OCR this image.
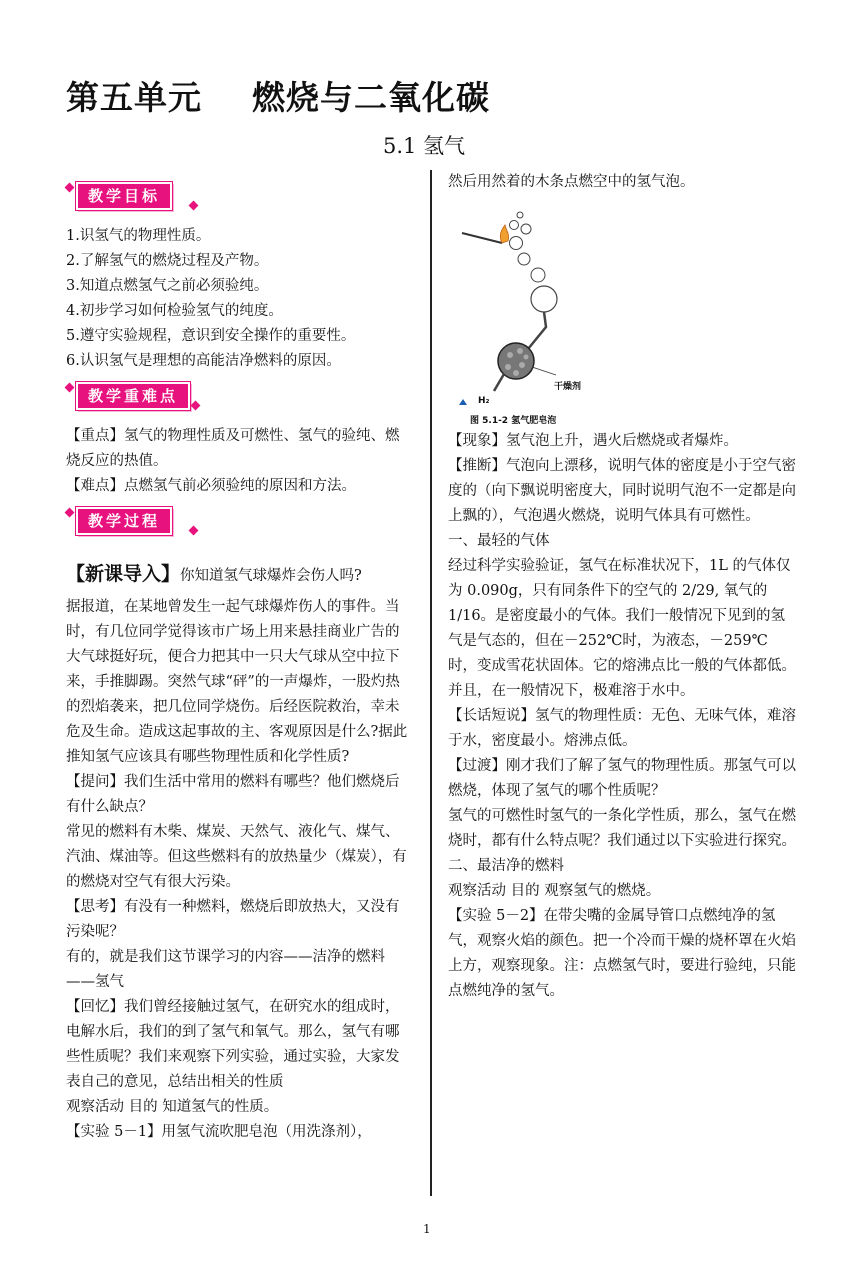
第五单元    燃烧与二氧化碳
5.1 氢气
教学目标

1.识氢气的物理性质。

2.了解氢气的燃烧过程及产物。

3.知道点燃氢气之前必须验纯。

4.初步学习如何检验氢气的纯度。

5.遵守实验规程，意识到安全操作的重要性。

6.认识氢气是理想的高能洁净燃料的原因。

教学重难点

【重点】氢气的物理性质及可燃性、氢气的验纯、燃烧反应的热值。

【难点】点燃氢气前必须验纯的原因和方法。

教学过程

【新课导入】你知道氢气球爆炸会伤人吗?

据报道，在某地曾发生一起气球爆炸伤人的事件。当时，有几位同学觉得该市广场上用来悬挂商业广告的大气球挺好玩，便合力把其中一只大气球从空中拉下来，手推脚踢。突然气球“砰”的一声爆炸，一股灼热的烈焰袭来，把几位同学烧伤。后经医院救治，幸未危及生命。造成这起事故的主、客观原因是什么?据此推知氢气应该具有哪些物理性质和化学性质?

【提问】我们生活中常用的燃料有哪些？他们燃烧后有什么缺点？

常见的燃料有木柴、煤炭、天然气、液化气、煤气、汽油、煤油等。但这些燃料有的放热量少（煤炭），有的燃烧对空气有很大污染。

【思考】有没有一种燃料，燃烧后即放热大，又没有污染呢？

有的，就是我们这节课学习的内容——洁净的燃料——氢气

【回忆】我们曾经接触过氢气，在研究水的组成时，电解水后，我们的到了氢气和氧气。那么，氢气有哪些性质呢？我们来观察下列实验，通过实验，大家发表自己的意见，总结出相关的性质

观察活动 目的 知道氢气的性质。

【实验 5－1】用氢气流吹肥皂泡（用洗涤剂），

然后用然着的木条点燃空中的氢气泡。

H₂
干燥剂
图 5.1-2 氢气肥皂泡

【现象】氢气泡上升，遇火后燃烧或者爆炸。

【推断】气泡向上漂移，说明气体的密度是小于空气密度的（向下飘说明密度大，同时说明气泡不一定都是向上飘的），气泡遇火燃烧，说明气体具有可燃性。

一、最轻的气体

经过科学实验验证，氢气在标准状况下，1L 的气体仅为 0.090g，只有同条件下的空气的 2/29, 氧气的 1/16。是密度最小的气体。我们一般情况下见到的氢气是气态的，但在－252℃时，为液态，－259℃时，变成雪花状固体。它的熔沸点比一般的气体都低。并且，在一般情况下，极难溶于水中。

【长话短说】氢气的物理性质：无色、无味气体，难溶于水，密度最小。熔沸点低。

【过渡】刚才我们了解了氢气的物理性质。那氢气可以燃烧，体现了氢气的哪个性质呢？

氢气的可燃性时氢气的一条化学性质，那么，氢气在燃烧时，都有什么特点呢？我们通过以下实验进行探究。

二、最洁净的燃料

观察活动 目的 观察氢气的燃烧。

【实验 5－2】在带尖嘴的金属导管口点燃纯净的氢气，观察火焰的颜色。把一个冷而干燥的烧杯罩在火焰上方，观察现象。注：点燃氢气时，要进行验纯，只能点燃纯净的氢气。

1
